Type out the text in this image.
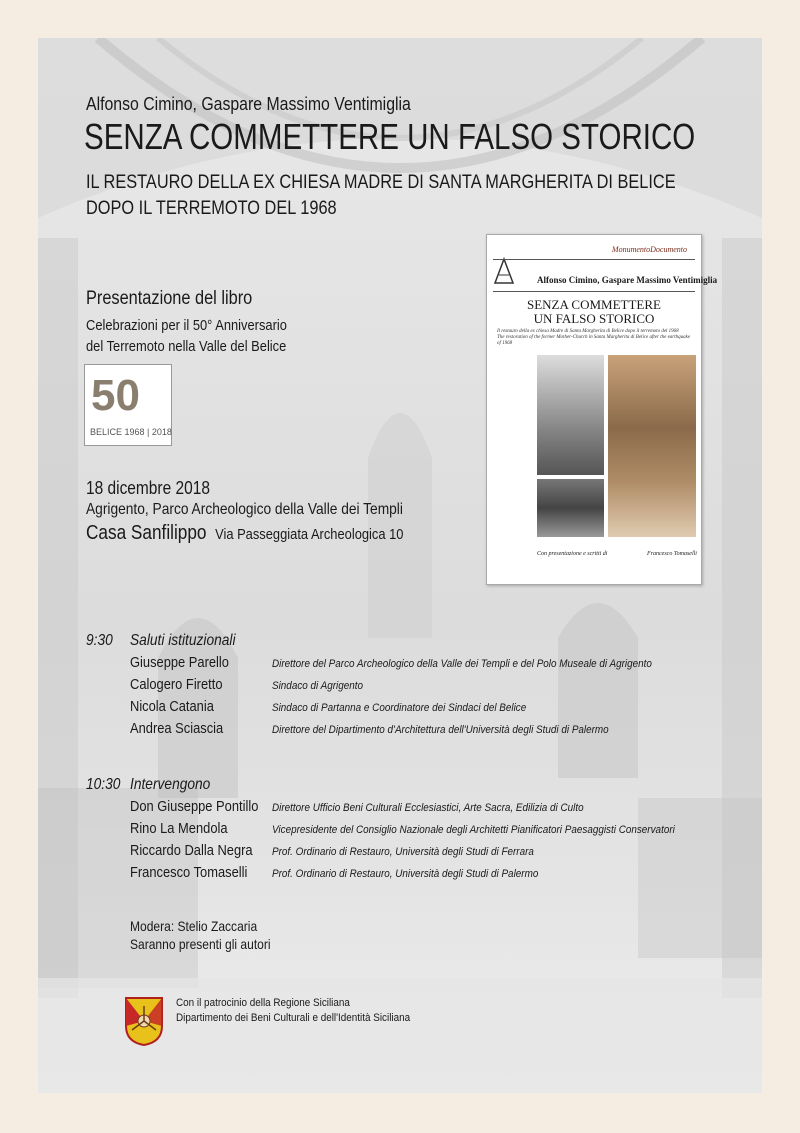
Alfonso Cimino, Gaspare Massimo Ventimiglia
SENZA COMMETTERE UN FALSO STORICO
IL RESTAURO DELLA EX CHIESA MADRE DI SANTA MARGHERITA DI BELICE
DOPO IL TERREMOTO DEL 1968
Presentazione del libro
Celebrazioni per il 50° Anniversario
del Terremoto nella Valle del Belice
50
BELICE 1968 | 2018
18 dicembre 2018
Agrigento, Parco Archeologico della Valle dei Templi
Casa Sanfilippo Via Passeggiata Archeologica 10
MonumentoDocumento
Alfonso Cimino, Gaspare Massimo Ventimiglia
SENZA COMMETTERE
UN FALSO STORICO
Il restauro della ex chiesa Madre di Santa Margherita di Belice dopo il terremoto del 1968
The restoration of the former Mother-Church in Santa Margherita di Belice after the earthquake of 1968
Con presentazione e scritti di	Francesco Tomaselli
9:30 Saluti istituzionali
Giuseppe Parello	Direttore del Parco Archeologico della Valle dei Templi e del Polo Museale di Agrigento
Calogero Firetto	Sindaco di Agrigento
Nicola Catania	Sindaco di Partanna e Coordinatore dei Sindaci del Belice
Andrea Sciascia	Direttore del Dipartimento d'Architettura dell'Università degli Studi di Palermo
10:30 Intervengono
Don Giuseppe Pontillo Direttore Ufficio Beni Culturali Ecclesiastici, Arte Sacra, Edilizia di Culto
Rino La Mendola	Vicepresidente del Consiglio Nazionale degli Architetti Pianificatori Paesaggisti Conservatori
Riccardo Dalla Negra Prof. Ordinario di Restauro, Università degli Studi di Ferrara
Francesco Tomaselli Prof. Ordinario di Restauro, Università degli Studi di Palermo
Modera: Stelio Zaccaria
Saranno presenti gli autori
Con il patrocinio della Regione Siciliana
Dipartimento dei Beni Culturali e dell'Identità Siciliana
